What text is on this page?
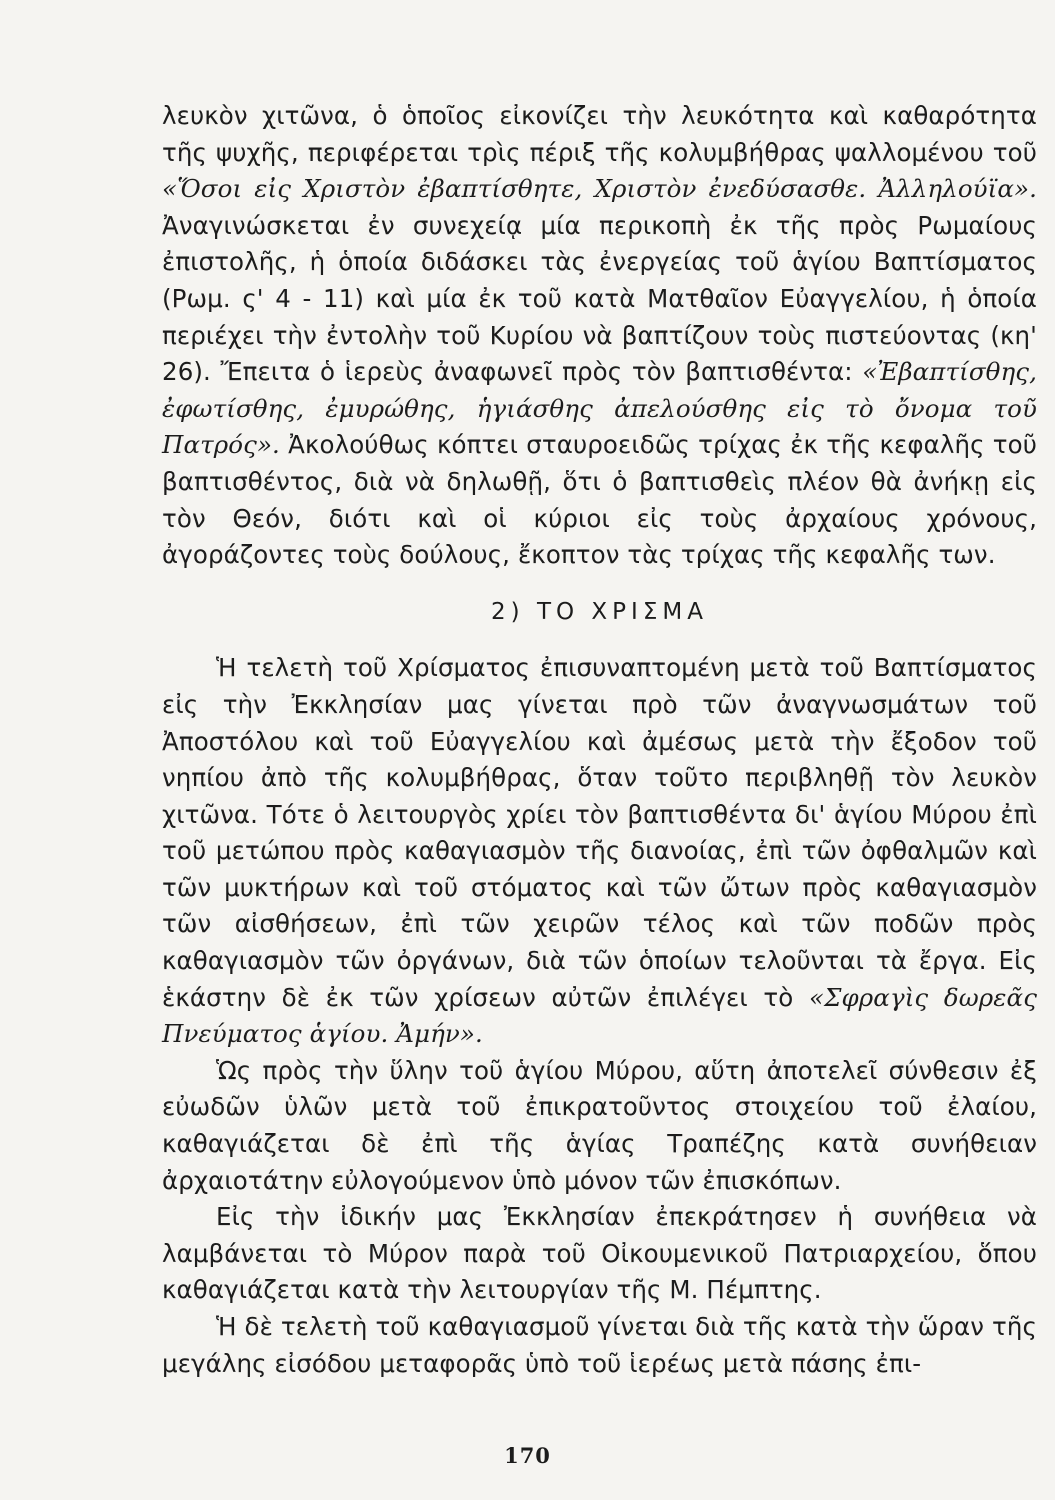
λευκὸν χιτῶνα, ὁ ὁποῖος εἰκονίζει τὴν λευκότητα καὶ καθαρότητα τῆς ψυχῆς, περιφέρεται τρὶς πέριξ τῆς κολυμβήθρας ψαλλομένου τοῦ «Ὅσοι εἰς Χριστὸν ἐβαπτίσθητε, Χριστὸν ἐνεδύσασθε. Ἀλληλούϊα». Ἀναγινώσκεται ἐν συνεχείᾳ μία περικοπὴ ἐκ τῆς πρὸς Ρωμαίους ἐπιστολῆς, ἡ ὁποία διδάσκει τὰς ἐνεργείας τοῦ ἁγίου Βαπτίσματος (Ρωμ. ς' 4 - 11) καὶ μία ἐκ τοῦ κατὰ Ματθαῖον Εὐαγγελίου, ἡ ὁποία περιέχει τὴν ἐντολὴν τοῦ Κυρίου νὰ βαπτίζουν τοὺς πιστεύοντας (κη' 26). Ἔπειτα ὁ ἱερεὺς ἀναφωνεῖ πρὸς τὸν βαπτισθέντα: «Ἐβαπτίσθης, ἐφωτίσθης, ἐμυρώθης, ἡγιάσθης ἀπελούσθης εἰς τὸ ὄνομα τοῦ Πατρός». Ἀκολούθως κόπτει σταυροειδῶς τρίχας ἐκ τῆς κεφαλῆς τοῦ βαπτισθέντος, διὰ νὰ δηλωθῇ, ὅτι ὁ βαπτισθεὶς πλέον θὰ ἀνήκῃ εἰς τὸν Θεόν, διότι καὶ οἱ κύριοι εἰς τοὺς ἀρχαίους χρόνους, ἀγοράζοντες τοὺς δούλους, ἔκοπτον τὰς τρίχας τῆς κεφαλῆς των.

2) ΤΟ ΧΡΙΣΜΑ

Ἡ τελετὴ τοῦ Χρίσματος ἐπισυναπτομένη μετὰ τοῦ Βαπτίσματος εἰς τὴν Ἐκκλησίαν μας γίνεται πρὸ τῶν ἀναγνωσμάτων τοῦ Ἀποστόλου καὶ τοῦ Εὐαγγελίου καὶ ἀμέσως μετὰ τὴν ἔξοδον τοῦ νηπίου ἀπὸ τῆς κολυμβήθρας, ὅταν τοῦτο περιβληθῇ τὸν λευκὸν χιτῶνα. Τότε ὁ λειτουργὸς χρίει τὸν βαπτισθέντα δι' ἁγίου Μύρου ἐπὶ τοῦ μετώπου πρὸς καθαγιασμὸν τῆς διανοίας, ἐπὶ τῶν ὀφθαλμῶν καὶ τῶν μυκτήρων καὶ τοῦ στόματος καὶ τῶν ὤτων πρὸς καθαγιασμὸν τῶν αἰσθήσεων, ἐπὶ τῶν χειρῶν τέλος καὶ τῶν ποδῶν πρὸς καθαγιασμὸν τῶν ὀργάνων, διὰ τῶν ὁποίων τελοῦνται τὰ ἔργα. Εἰς ἑκάστην δὲ ἐκ τῶν χρίσεων αὐτῶν ἐπιλέγει τὸ «Σφραγὶς δωρεᾶς Πνεύματος ἁγίου. Ἀμήν».

Ὡς πρὸς τὴν ὕλην τοῦ ἁγίου Μύρου, αὕτη ἀποτελεῖ σύνθεσιν ἐξ εὐωδῶν ὑλῶν μετὰ τοῦ ἐπικρατοῦντος στοιχείου τοῦ ἐλαίου, καθαγιάζεται δὲ ἐπὶ τῆς ἁγίας Τραπέζης κατὰ συνήθειαν ἀρχαιοτάτην εὐλογούμενον ὑπὸ μόνον τῶν ἐπισκόπων.

Εἰς τὴν ἰδικήν μας Ἐκκλησίαν ἐπεκράτησεν ἡ συνήθεια νὰ λαμβάνεται τὸ Μύρον παρὰ τοῦ Οἰκουμενικοῦ Πατριαρχείου, ὅπου καθαγιάζεται κατὰ τὴν λειτουργίαν τῆς Μ. Πέμπτης.

Ἡ δὲ τελετὴ τοῦ καθαγιασμοῦ γίνεται διὰ τῆς κατὰ τὴν ὥραν τῆς μεγάλης εἰσόδου μεταφορᾶς ὑπὸ τοῦ ἱερέως μετὰ πάσης ἐπι-

170
